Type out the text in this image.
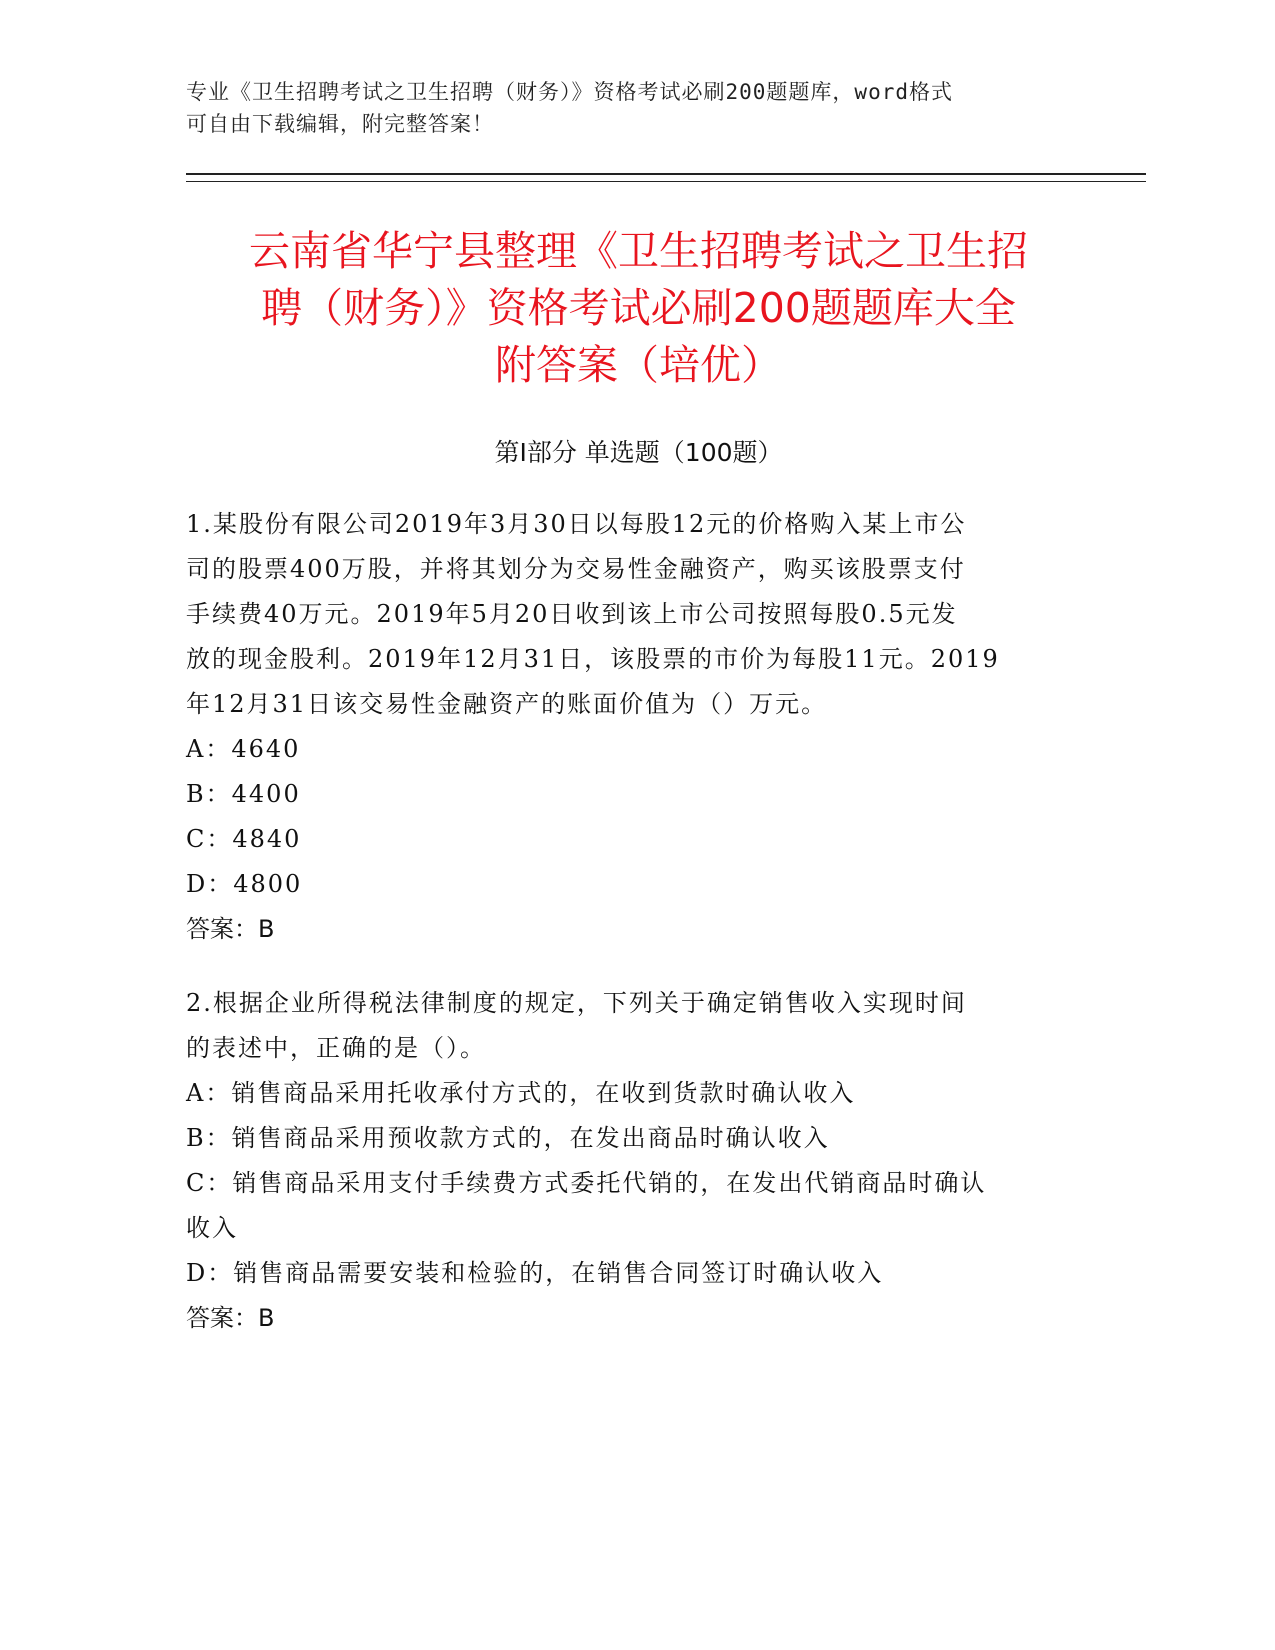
专业《卫生招聘考试之卫生招聘（财务）》资格考试必刷200题题库，word格式
可自由下载编辑，附完整答案！
云南省华宁县整理《卫生招聘考试之卫生招
聘（财务）》资格考试必刷200题题库大全
附答案（培优）
第Ⅰ部分 单选题（100题）
1.某股份有限公司2019年3月30日以每股12元的价格购入某上市公
司的股票400万股，并将其划分为交易性金融资产，购买该股票支付
手续费40万元。2019年5月20日收到该上市公司按照每股0.5元发
放的现金股利。2019年12月31日，该股票的市价为每股11元。2019
年12月31日该交易性金融资产的账面价值为（）万元。
A：4640
B：4400
C：4840
D：4800
答案：B
2.根据企业所得税法律制度的规定，下列关于确定销售收入实现时间
的表述中，正确的是（）。
A：销售商品采用托收承付方式的，在收到货款时确认收入
B：销售商品采用预收款方式的，在发出商品时确认收入
C：销售商品采用支付手续费方式委托代销的，在发出代销商品时确认
收入
D：销售商品需要安装和检验的，在销售合同签订时确认收入
答案：B
